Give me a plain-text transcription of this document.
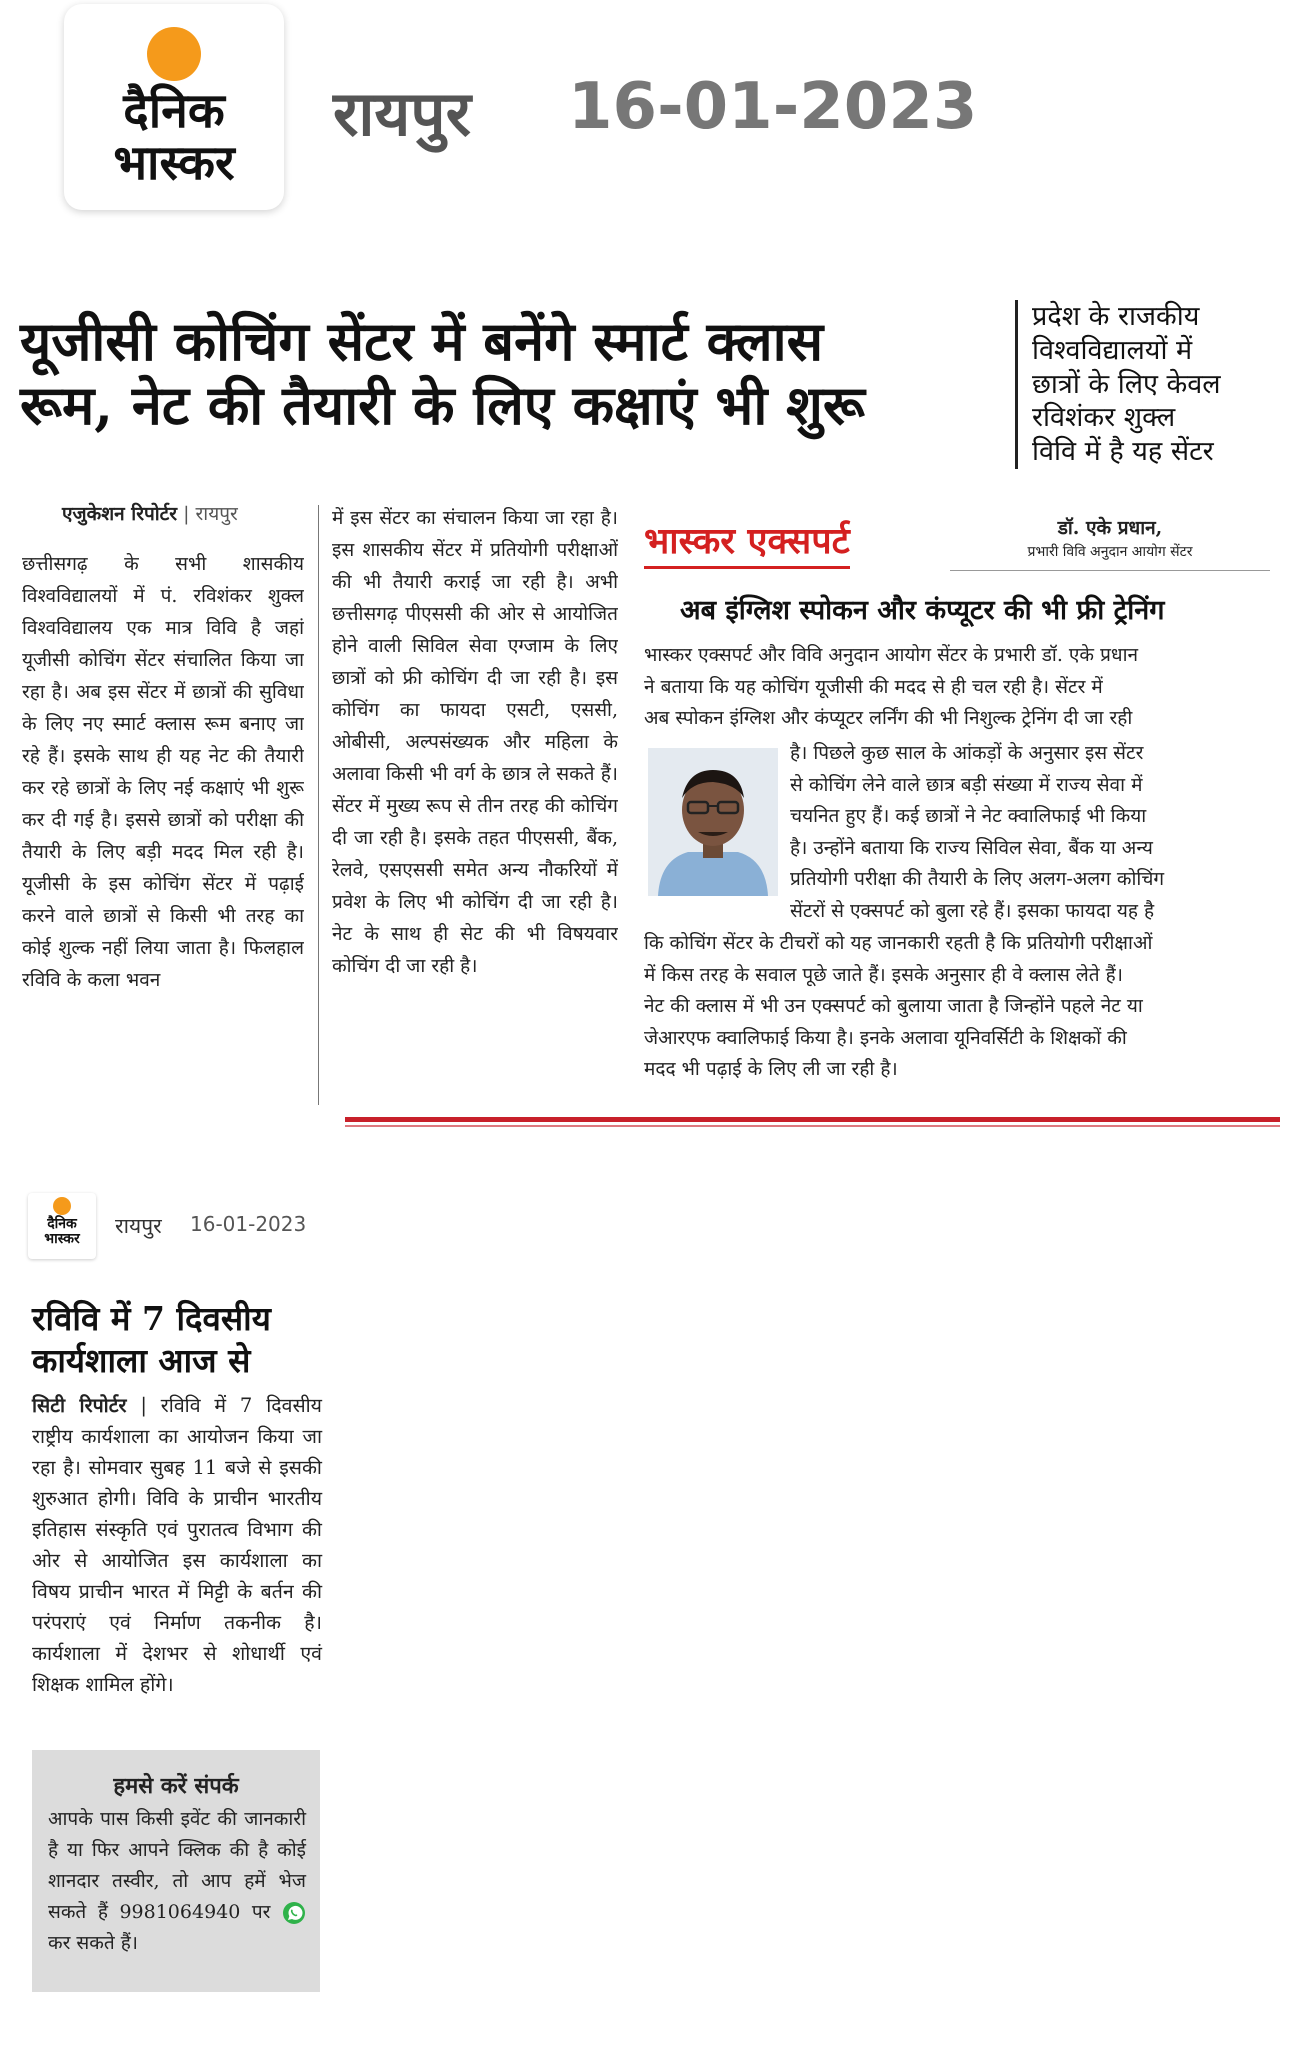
दैनिक
भास्कर
रायपुर 16-01-2023
यूजीसी कोचिंग सेंटर में बनेंगे स्मार्ट क्लास
रूम, नेट की तैयारी के लिए कक्षाएं भी शुरू
प्रदेश के राजकीय
विश्वविद्यालयों में
छात्रों के लिए केवल
रविशंकर शुक्ल
विवि में है यह सेंटर
एजुकेशन रिपोर्टर | रायपुर
छत्तीसगढ़ के सभी शासकीय विश्वविद्यालयों में पं. रविशंकर शुक्ल विश्वविद्यालय एक मात्र विवि है जहां यूजीसी कोचिंग सेंटर संचालित किया जा रहा है। अब इस सेंटर में छात्रों की सुविधा के लिए नए स्मार्ट क्लास रूम बनाए जा रहे हैं। इसके साथ ही यह नेट की तैयारी कर रहे छात्रों के लिए नई कक्षाएं भी शुरू कर दी गई है। इससे छात्रों को परीक्षा की तैयारी के लिए बड़ी मदद मिल रही है। यूजीसी के इस कोचिंग सेंटर में पढ़ाई करने वाले छात्रों से किसी भी तरह का कोई शुल्क नहीं लिया जाता है। फिलहाल रविवि के कला भवन
में इस सेंटर का संचालन किया जा रहा है। इस शासकीय सेंटर में प्रतियोगी परीक्षाओं की भी तैयारी कराई जा रही है। अभी छत्तीसगढ़ पीएससी की ओर से आयोजित होने वाली सिविल सेवा एग्जाम के लिए छात्रों को फ्री कोचिंग दी जा रही है। इस कोचिंग का फायदा एसटी, एससी, ओबीसी, अल्पसंख्यक और महिला के अलावा किसी भी वर्ग के छात्र ले सकते हैं। सेंटर में मुख्य रूप से तीन तरह की कोचिंग दी जा रही है। इसके तहत पीएससी, बैंक, रेलवे, एसएससी समेत अन्य नौकरियों में प्रवेश के लिए भी कोचिंग दी जा रही है। नेट के साथ ही सेट की भी विषयवार कोचिंग दी जा रही है।
भास्कर एक्सपर्ट	डॉ. एके प्रधान,
प्रभारी विवि अनुदान आयोग सेंटर
अब इंग्लिश स्पोकन और कंप्यूटर की भी फ्री ट्रेनिंग
भास्कर एक्सपर्ट और विवि अनुदान आयोग सेंटर के प्रभारी डॉ. एके प्रधान
ने बताया कि यह कोचिंग यूजीसी की मदद से ही चल रही है। सेंटर में
अब स्पोकन इंग्लिश और कंप्यूटर लर्निंग की भी निशुल्क ट्रेनिंग दी जा रही
है। पिछले कुछ साल के आंकड़ों के अनुसार इस सेंटर
से कोचिंग लेने वाले छात्र बड़ी संख्या में राज्य सेवा में
चयनित हुए हैं। कई छात्रों ने नेट क्वालिफाई भी किया
है। उन्होंने बताया कि राज्य सिविल सेवा, बैंक या अन्य
प्रतियोगी परीक्षा की तैयारी के लिए अलग-अलग कोचिंग
सेंटरों से एक्सपर्ट को बुला रहे हैं। इसका फायदा यह है
कि कोचिंग सेंटर के टीचरों को यह जानकारी रहती है कि प्रतियोगी परीक्षाओं
में किस तरह के सवाल पूछे जाते हैं। इसके अनुसार ही वे क्लास लेते हैं।
नेट की क्लास में भी उन एक्सपर्ट को बुलाया जाता है जिन्होंने पहले नेट या
जेआरएफ क्वालिफाई किया है। इनके अलावा यूनिवर्सिटी के शिक्षकों की
मदद भी पढ़ाई के लिए ली जा रही है।
दैनिक
भास्कर
रायपुर 16-01-2023
रविवि में 7 दिवसीय
कार्यशाला आज से
सिटी रिपोर्टर | रविवि में 7 दिवसीय राष्ट्रीय कार्यशाला का आयोजन किया जा रहा है। सोमवार सुबह 11 बजे से इसकी शुरुआत होगी। विवि के प्राचीन भारतीय इतिहास संस्कृति एवं पुरातत्व विभाग की ओर से आयोजित इस कार्यशाला का विषय प्राचीन भारत में मिट्टी के बर्तन की परंपराएं एवं निर्माण तकनीक है। कार्यशाला में देशभर से शोधार्थी एवं शिक्षक शामिल होंगे।
हमसे करें संपर्क
आपके पास किसी इवेंट की जानकारी है या फिर आपने क्लिक की है कोई शानदार तस्वीर, तो आप हमें भेज सकते हैं 9981064940 पर  कर सकते हैं।
